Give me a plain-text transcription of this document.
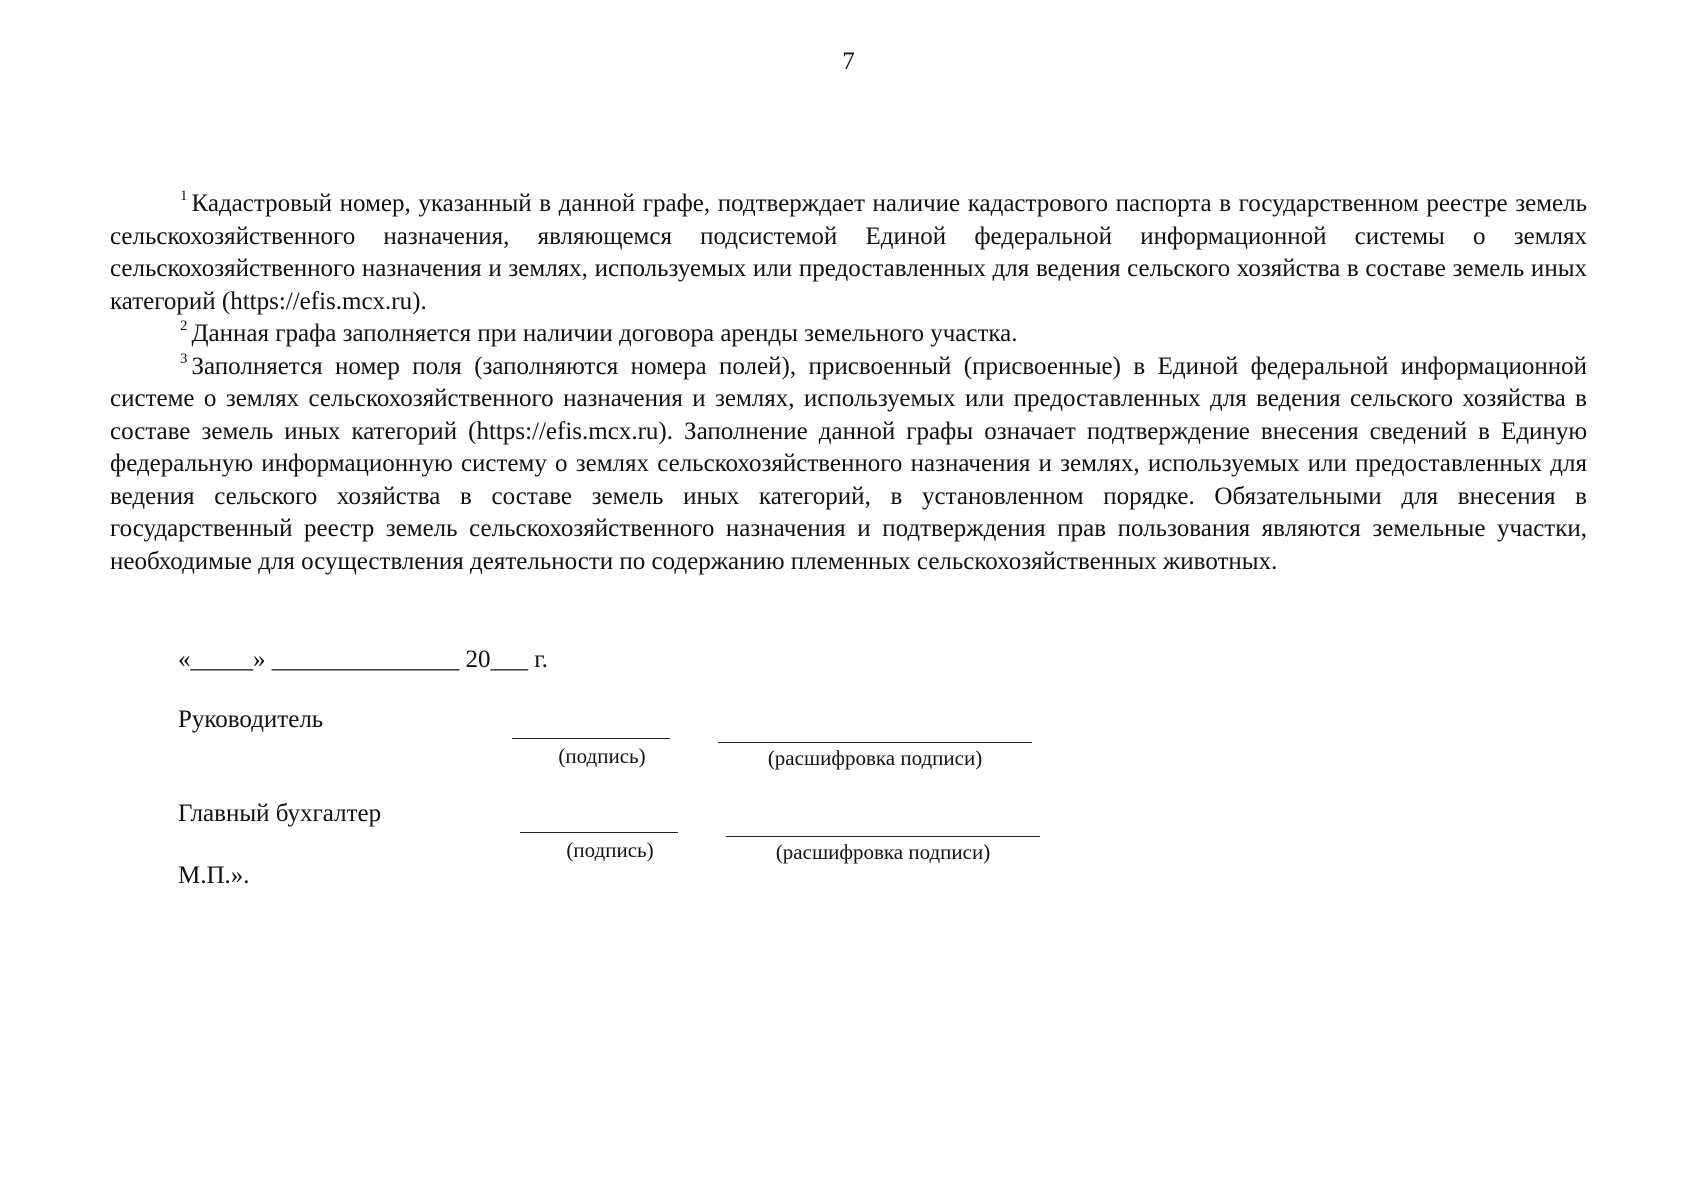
7

$^1$ Кадастровый номер, указанный в данной графе, подтверждает наличие кадастрового паспорта в государственном реестре земель сельскохозяйственного назначения, являющемся подсистемой Единой федеральной информационной системы о землях сельскохозяйственного назначения и землях, используемых или предоставленных для ведения сельского хозяйства в составе земель иных категорий (https://efis.mcx.ru).

$^2$ Данная графа заполняется при наличии договора аренды земельного участка.

$^3$ Заполняется номер поля (заполняются номера полей), присвоенный (присвоенные) в Единой федеральной информационной системе о землях сельскохозяйственного назначения и землях, используемых или предоставленных для ведения сельского хозяйства в составе земель иных категорий (https://efis.mcx.ru). Заполнение данной графы означает подтверждение внесения сведений в Единую федеральную информационную систему о землях сельскохозяйственного назначения и землях, используемых или предоставленных для ведения сельского хозяйства в составе земель иных категорий, в установленном порядке. Обязательными для внесения в государственный реестр земель сельскохозяйственного назначения и подтверждения прав пользования являются земельные участки, необходимые для осуществления деятельности по содержанию племенных сельскохозяйственных животных.

«_____» _______________ 20___ г.
Руководитель
(подпись)	(расшифровка подписи)
Главный бухгалтер
(подпись)	(расшифровка подписи)
М.П.».
